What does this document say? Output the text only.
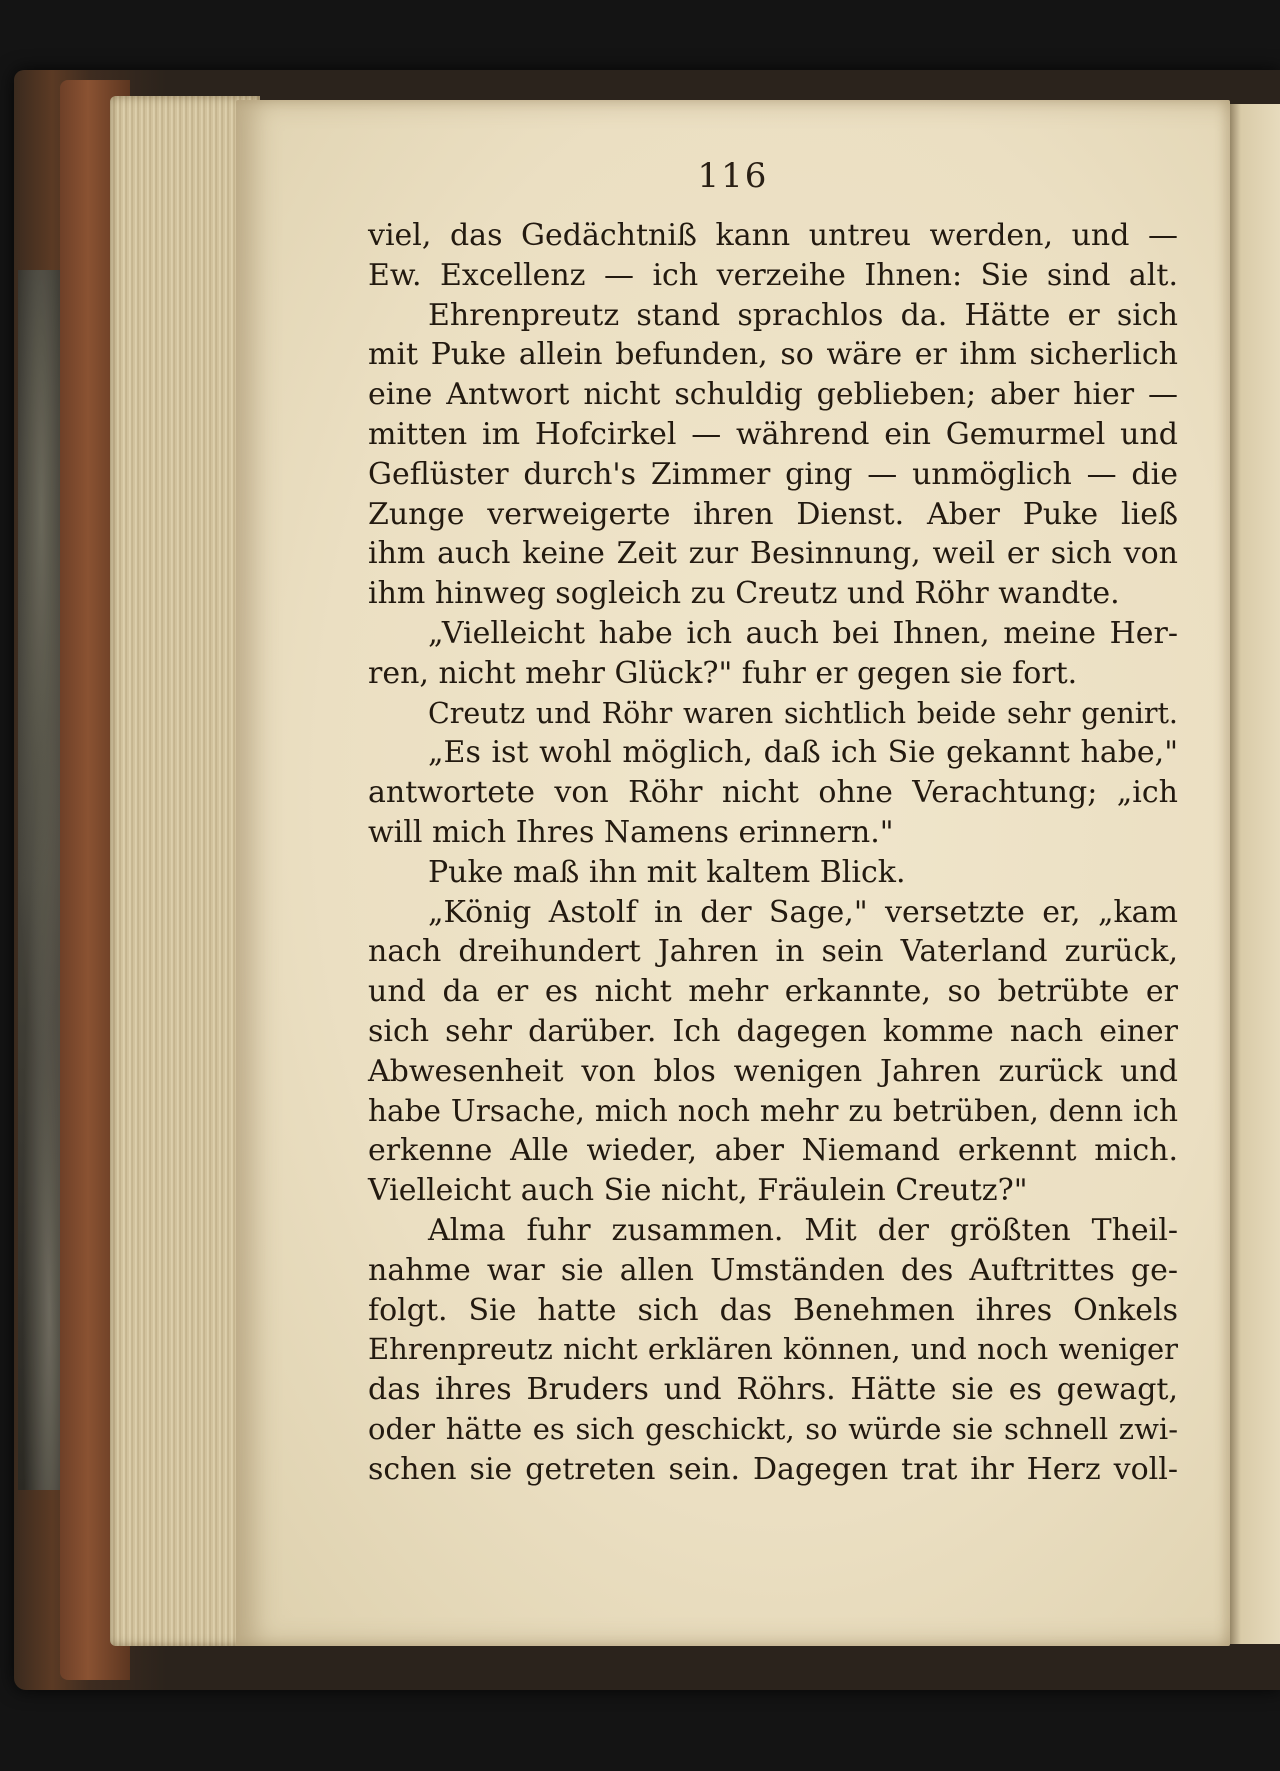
116
viel, das Gedächtniß kann untreu werden, und —
Ew. Excellenz — ich verzeihe Ihnen: Sie sind alt.
Ehrenpreutz stand sprachlos da. Hätte er sich
mit Puke allein befunden, so wäre er ihm sicherlich
eine Antwort nicht schuldig geblieben; aber hier —
mitten im Hofcirkel — während ein Gemurmel und
Geflüster durch's Zimmer ging — unmöglich — die
Zunge verweigerte ihren Dienst. Aber Puke ließ
ihm auch keine Zeit zur Besinnung, weil er sich von
ihm hinweg sogleich zu Creutz und Röhr wandte.
„Vielleicht habe ich auch bei Ihnen, meine Her-
ren, nicht mehr Glück?" fuhr er gegen sie fort.
Creutz und Röhr waren sichtlich beide sehr genirt.
„Es ist wohl möglich, daß ich Sie gekannt habe,"
antwortete von Röhr nicht ohne Verachtung; „ich
will mich Ihres Namens erinnern."
Puke maß ihn mit kaltem Blick.
„König Astolf in der Sage," versetzte er, „kam
nach dreihundert Jahren in sein Vaterland zurück,
und da er es nicht mehr erkannte, so betrübte er
sich sehr darüber. Ich dagegen komme nach einer
Abwesenheit von blos wenigen Jahren zurück und
habe Ursache, mich noch mehr zu betrüben, denn ich
erkenne Alle wieder, aber Niemand erkennt mich.
Vielleicht auch Sie nicht, Fräulein Creutz?"
Alma fuhr zusammen. Mit der größten Theil-
nahme war sie allen Umständen des Auftrittes ge-
folgt. Sie hatte sich das Benehmen ihres Onkels
Ehrenpreutz nicht erklären können, und noch weniger
das ihres Bruders und Röhrs. Hätte sie es gewagt,
oder hätte es sich geschickt, so würde sie schnell zwi-
schen sie getreten sein. Dagegen trat ihr Herz voll-
